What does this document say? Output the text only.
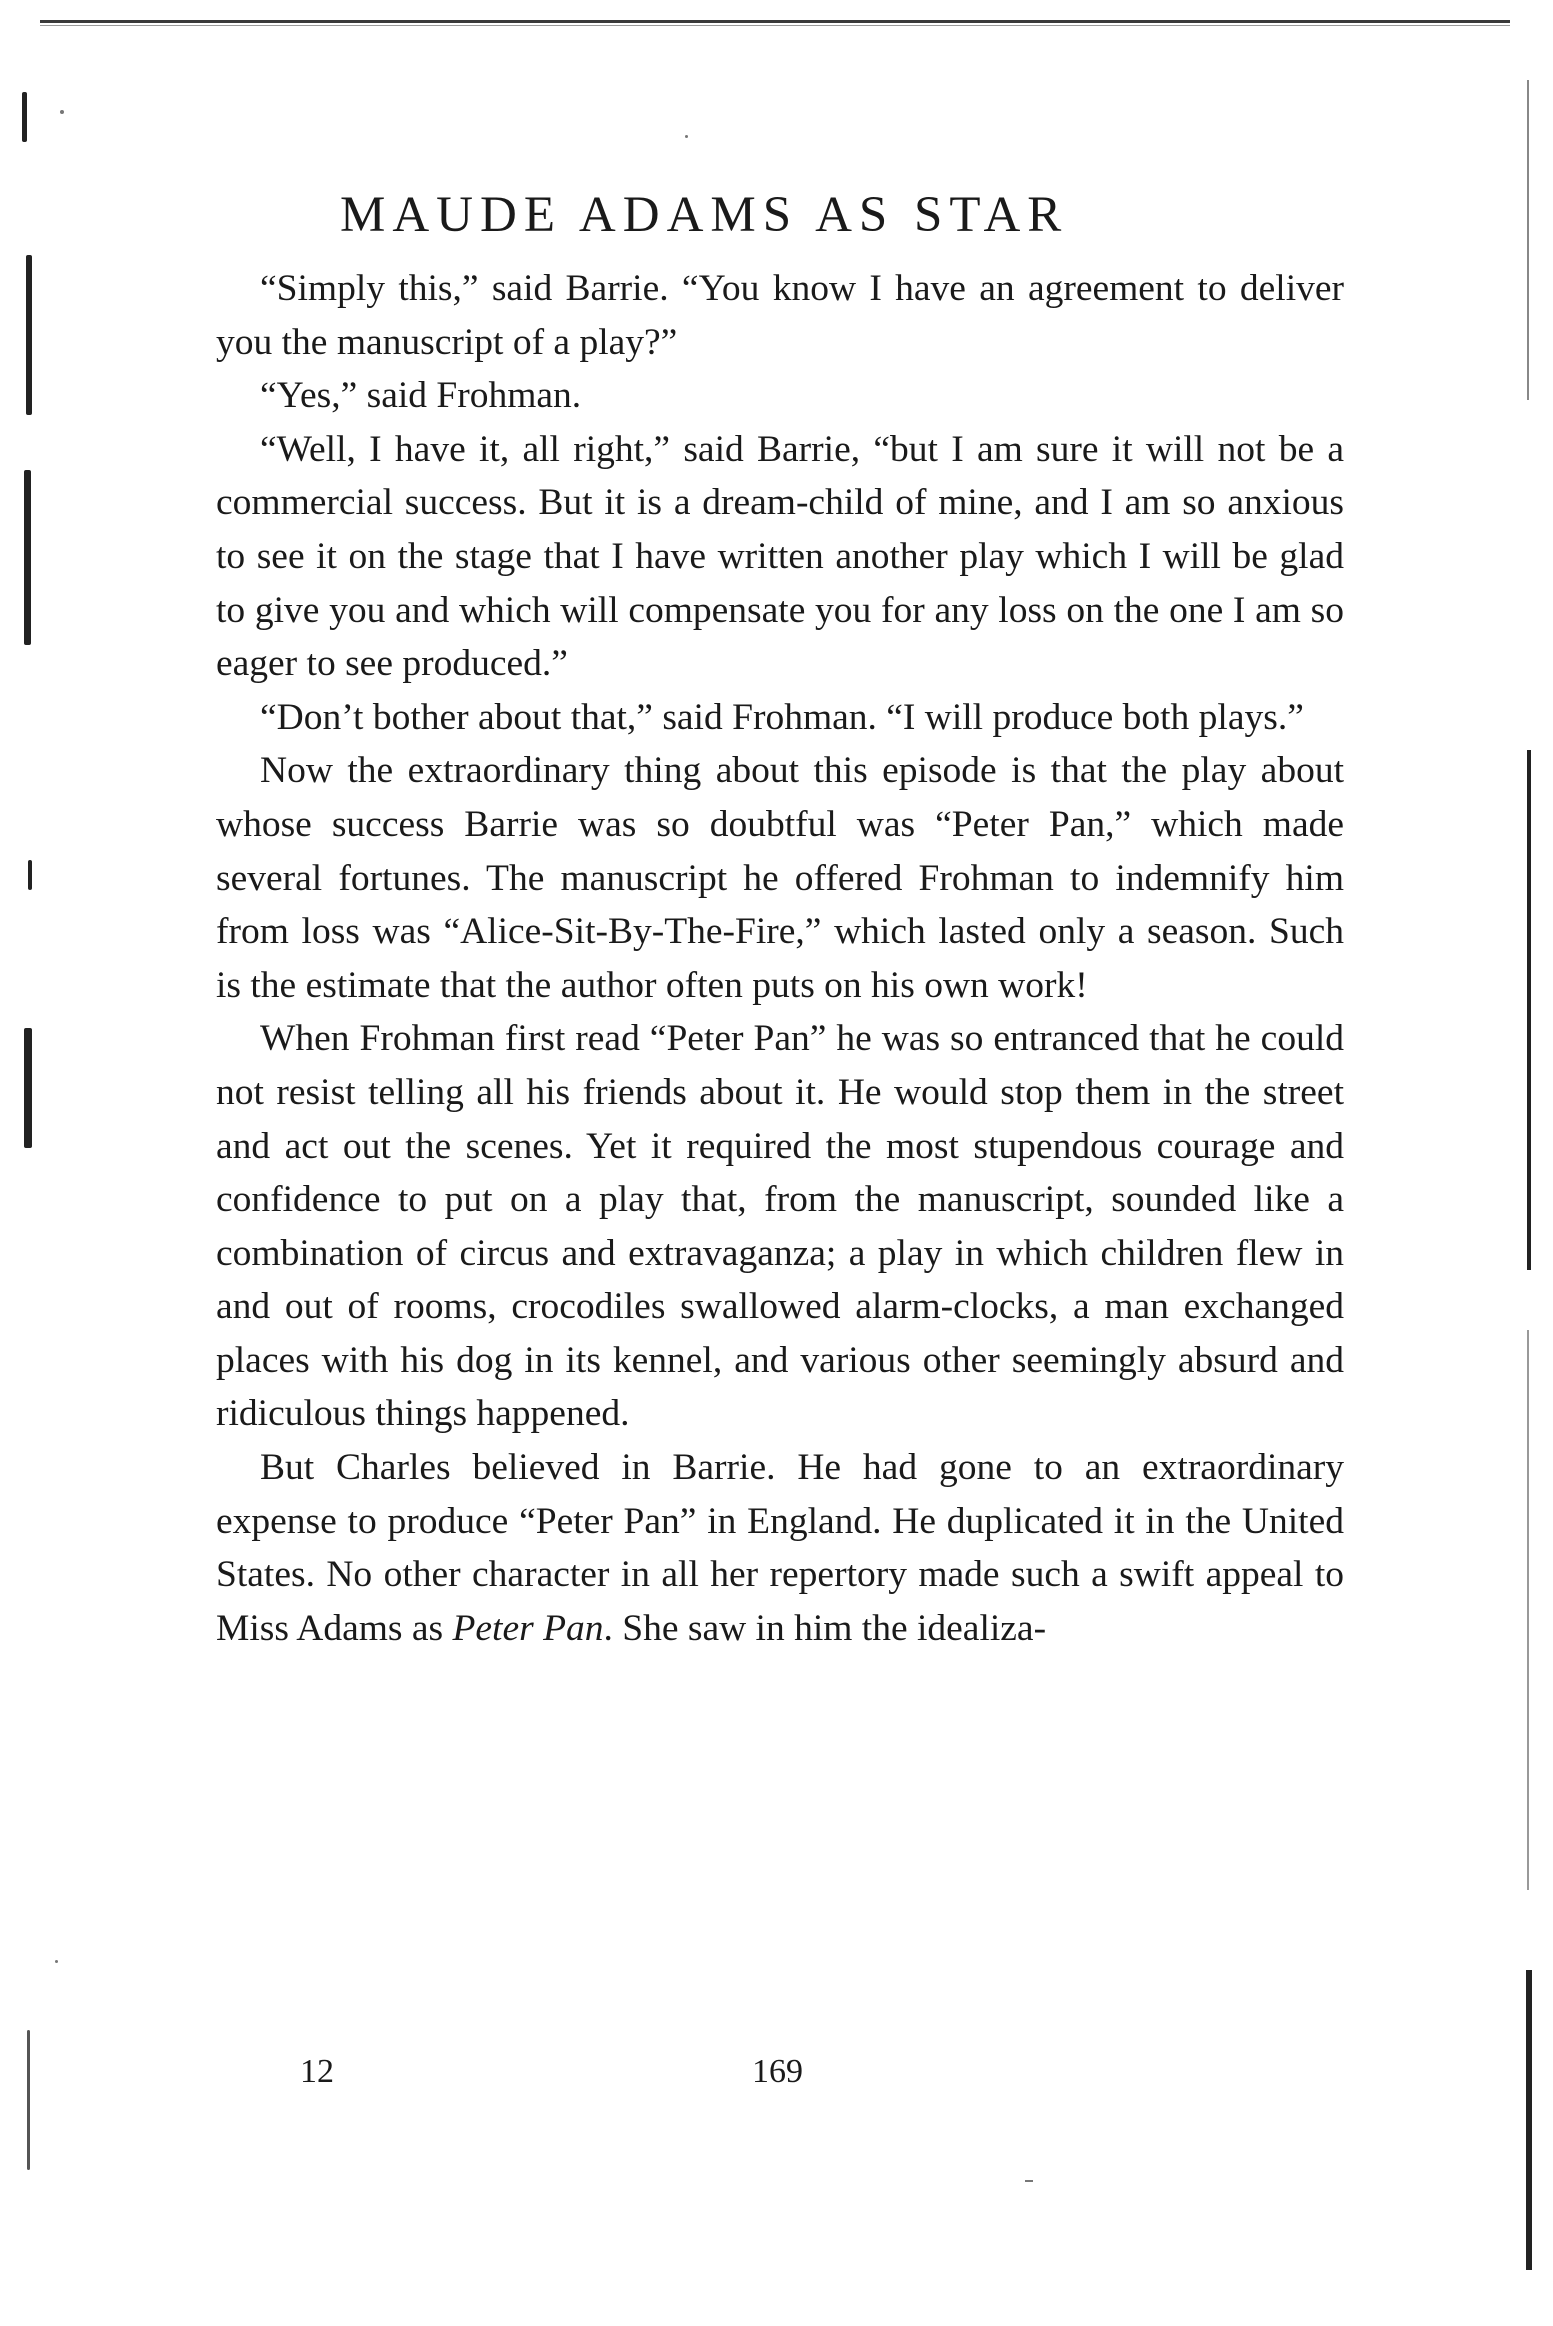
MAUDE ADAMS AS STAR

“Simply this,” said Barrie. “You know I have an agreement to deliver you the manuscript of a play?”

“Yes,” said Frohman.

“Well, I have it, all right,” said Barrie, “but I am sure it will not be a commercial success. But it is a dream-child of mine, and I am so anxious to see it on the stage that I have written another play which I will be glad to give you and which will compensate you for any loss on the one I am so eager to see produced.”

“Don’t bother about that,” said Frohman. “I will produce both plays.”

Now the extraordinary thing about this episode is that the play about whose success Barrie was so doubtful was “Peter Pan,” which made several fortunes. The manuscript he offered Frohman to indemnify him from loss was “Alice-Sit-By-The-Fire,” which lasted only a season. Such is the estimate that the author often puts on his own work!

When Frohman first read “Peter Pan” he was so entranced that he could not resist telling all his friends about it. He would stop them in the street and act out the scenes. Yet it required the most stupendous courage and confidence to put on a play that, from the manuscript, sounded like a combination of circus and extravaganza; a play in which children flew in and out of rooms, crocodiles swallowed alarm-clocks, a man exchanged places with his dog in its kennel, and various other seemingly absurd and ridiculous things happened.

But Charles believed in Barrie. He had gone to an extraordinary expense to produce “Peter Pan” in England. He duplicated it in the United States. No other character in all her repertory made such a swift appeal to Miss Adams as Peter Pan. She saw in him the idealiza-

12	169
